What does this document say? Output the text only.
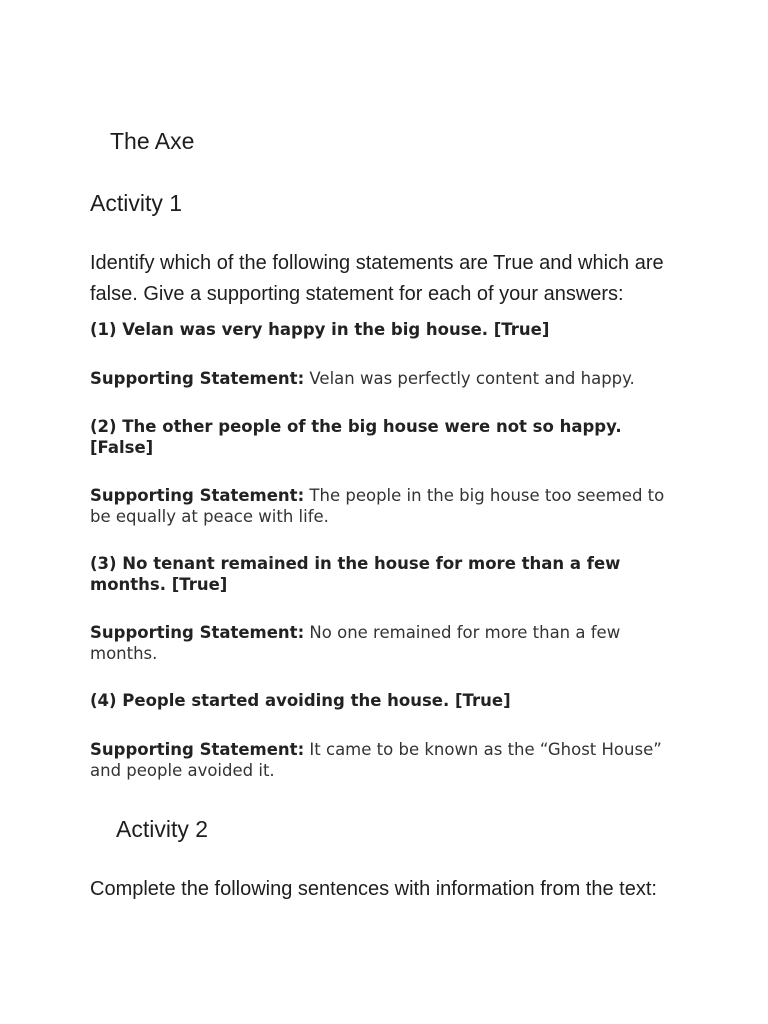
The Axe
Activity 1

Identify which of the following statements are True and which are false. Give a supporting statement for each of your answers:

(1) Velan was very happy in the big house. [True]

Supporting Statement: Velan was perfectly content and happy.

(2) The other people of the big house were not so happy. [False]

Supporting Statement: The people in the big house too seemed to be equally at peace with life.

(3) No tenant remained in the house for more than a few months. [True]

Supporting Statement: No one remained for more than a few months.

(4) People started avoiding the house. [True]

Supporting Statement: It came to be known as the “Ghost House” and people avoided it.

Activity 2

Complete the following sentences with information from the text:
